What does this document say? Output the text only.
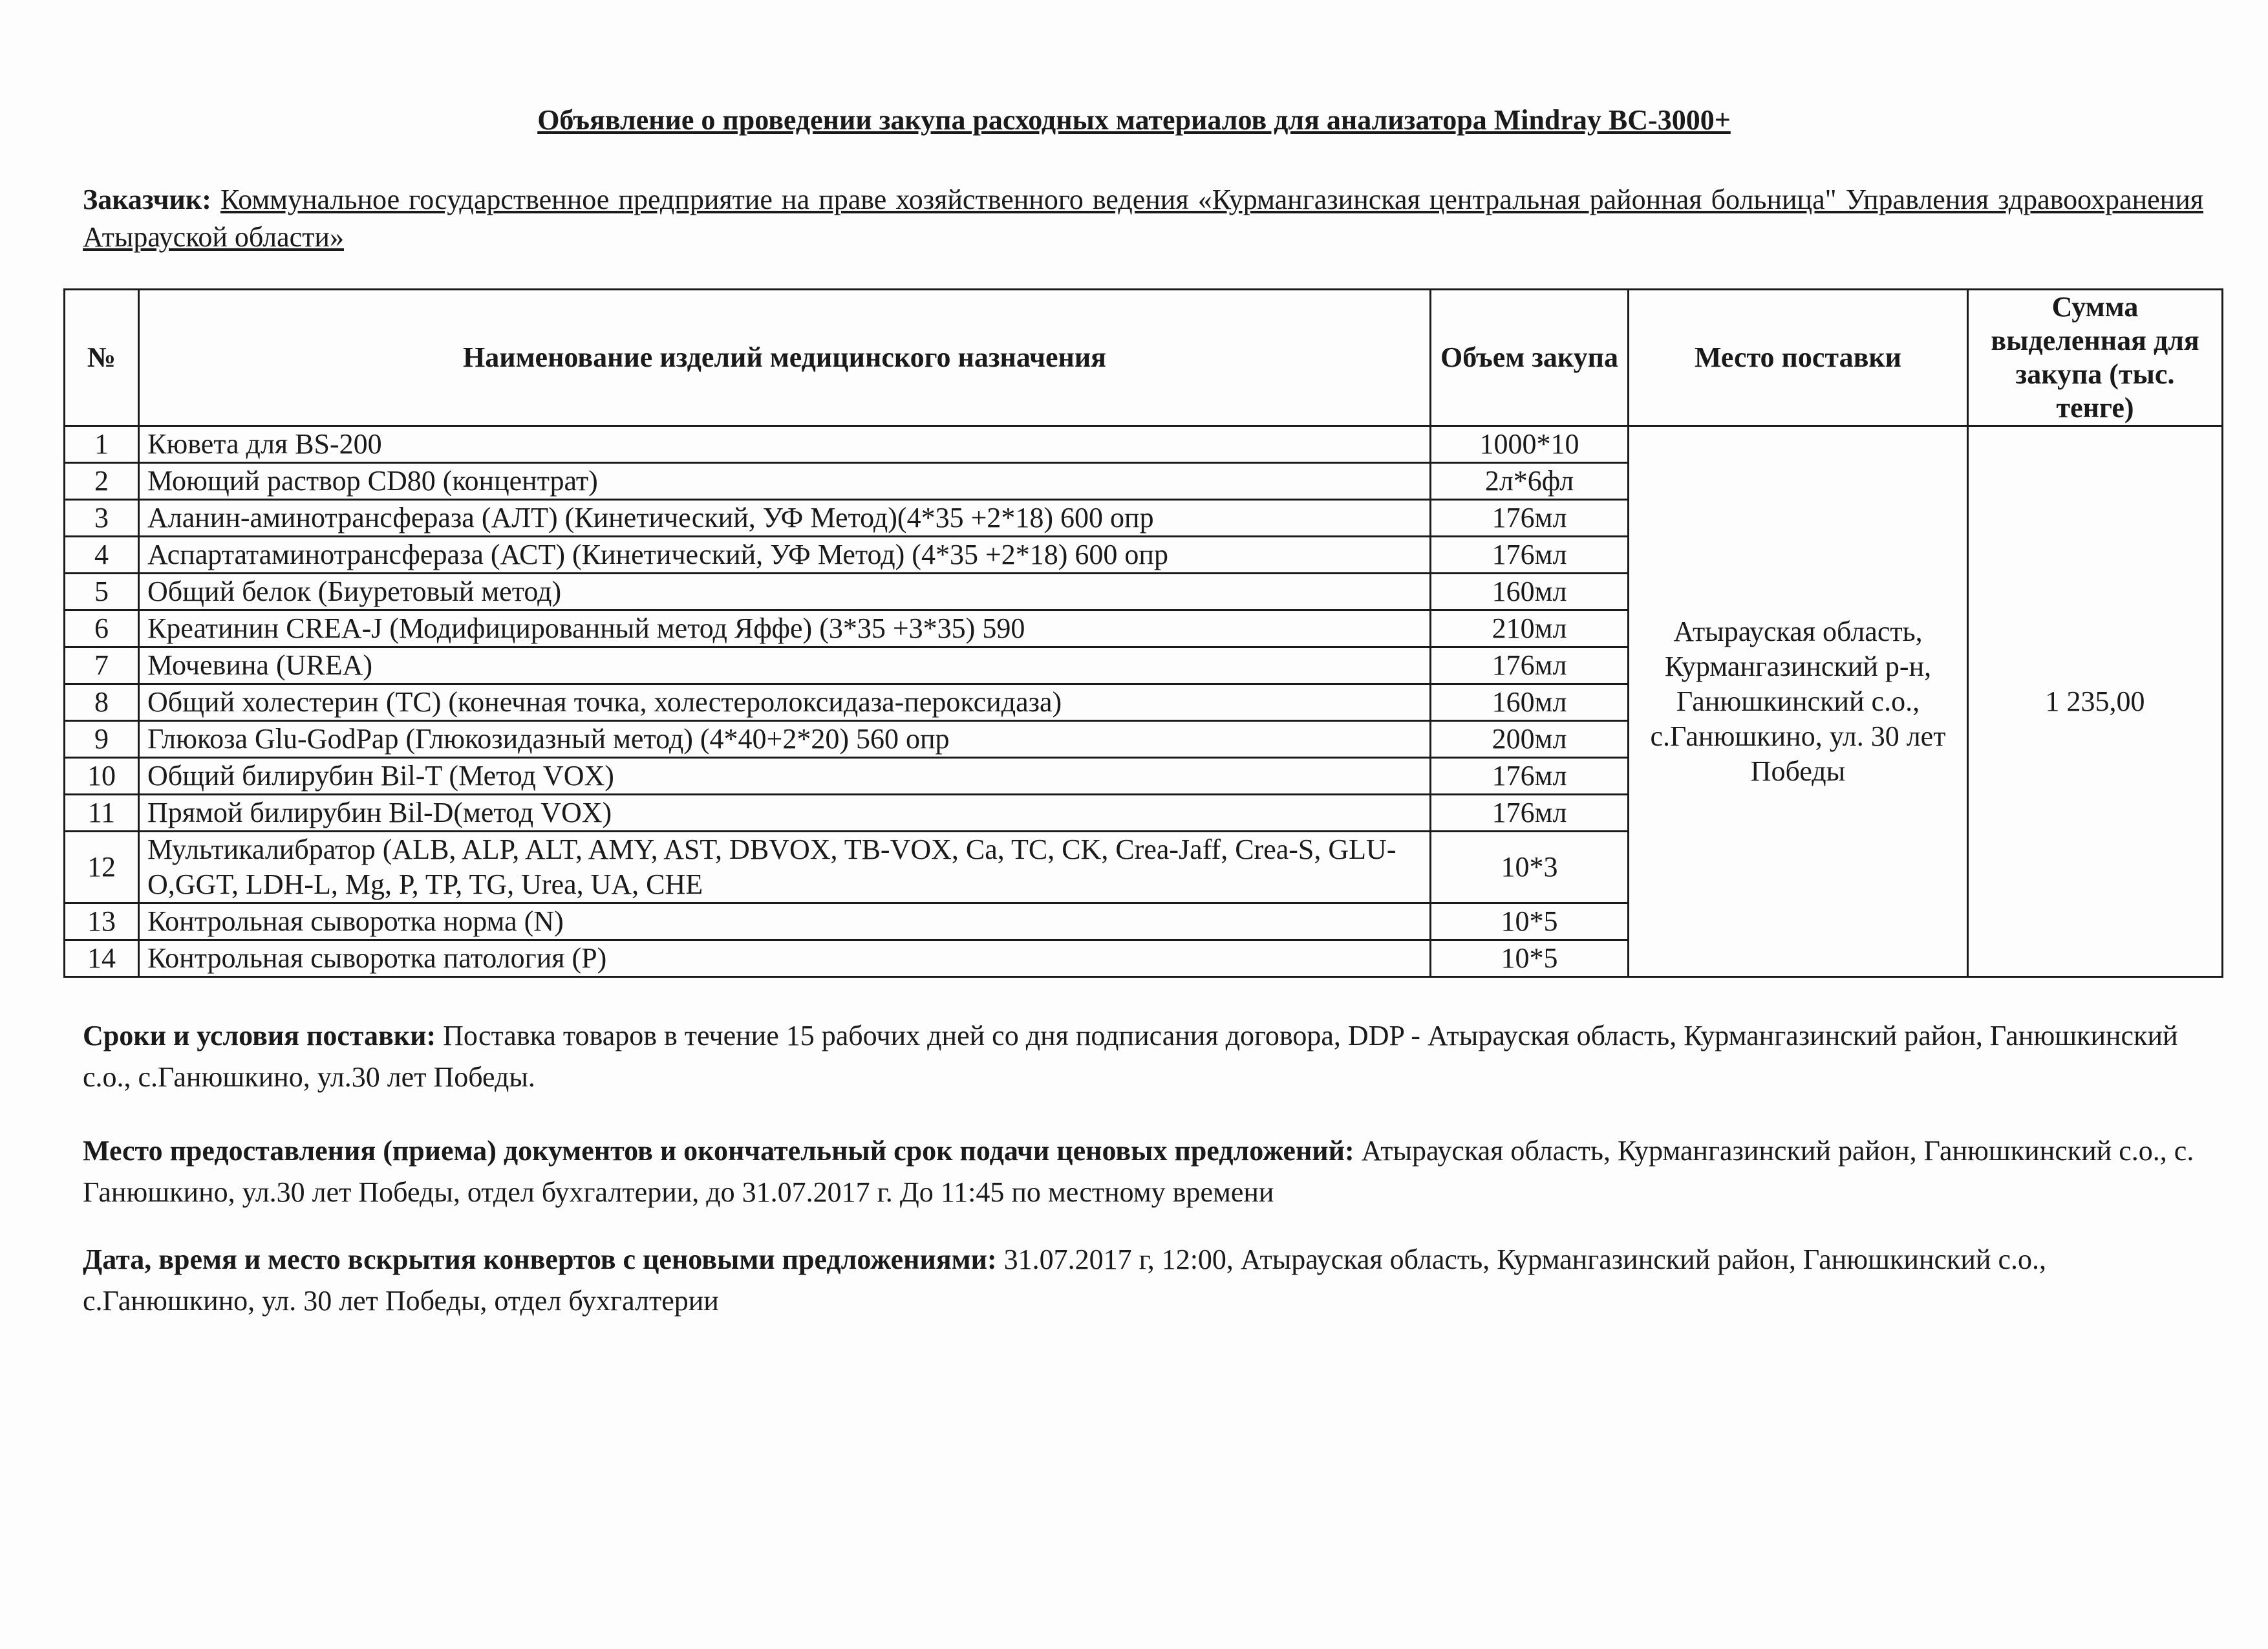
Объявление о проведении закупа расходных материалов для анализатора Mindray BC-3000+
Заказчик: Коммунальное государственное предприятие на праве хозяйственного ведения «Курмангазинская центральная районная больница" Управления здравоохранения Атырауской области»
№	Наименование изделий медицинского назначения	Объем закупа	Место поставки	Сумма выделенная для закупа (тыс. тенге)
1	Кювета для BS-200	1000*10	Атырауская область, Курмангазинский р-н, Ганюшкинский с.о., с.Ганюшкино, ул. 30 лет Победы	1 235,00
2	Моющий раствор CD80 (концентрат)	2л*6фл		
3	Аланин-аминотрансфераза (АЛТ) (Кинетический, УФ Метод)(4*35 +2*18) 600 опр	176мл		
4	Аспартатаминотрансфераза (АСТ) (Кинетический, УФ Метод) (4*35 +2*18) 600 опр	176мл		
5	Общий белок (Биуретовый метод)	160мл		
6	Креатинин CREA-J (Модифицированный метод Яффе) (3*35 +3*35) 590	210мл		
7	Мочевина (UREA)	176мл		
8	Общий холестерин (ТС) (конечная точка, холестеролоксидаза-пероксидаза)	160мл		
9	Глюкоза Glu-GodPap (Глюкозидазный метод) (4*40+2*20) 560 опр	200мл		
10	Общий билирубин Bil-T (Метод VOX)	176мл		
11	Прямой билирубин Bil-D(метод VOX)	176мл		
12	Мультикалибратор (ALB, ALP, ALT, AMY, AST, DBVOX, TB-VOX, Ca, TC, CK, Crea-Jaff, Crea-S, GLU-O,GGT, LDH-L, Mg, P, TP, TG, Urea, UA, CHE	10*3		
13	Контрольная сыворотка норма (N)	10*5		
14	Контрольная сыворотка патология (P)	10*5		
Сроки и условия поставки: Поставка товаров в течение 15 рабочих дней со дня подписания договора, DDP - Атырауская область, Курмангазинский район, Ганюшкинский с.о., с.Ганюшкино, ул.30 лет Победы.
Место предоставления (приема) документов и окончательный срок подачи ценовых предложений: Атырауская область, Курмангазинский район, Ганюшкинский с.о., с. Ганюшкино, ул.30 лет Победы, отдел бухгалтерии, до 31.07.2017 г. До 11:45 по местному времени
Дата, время и место вскрытия конвертов с ценовыми предложениями: 31.07.2017 г, 12:00, Атырауская область, Курмангазинский район, Ганюшкинский с.о., с.Ганюшкино, ул. 30 лет Победы, отдел бухгалтерии
